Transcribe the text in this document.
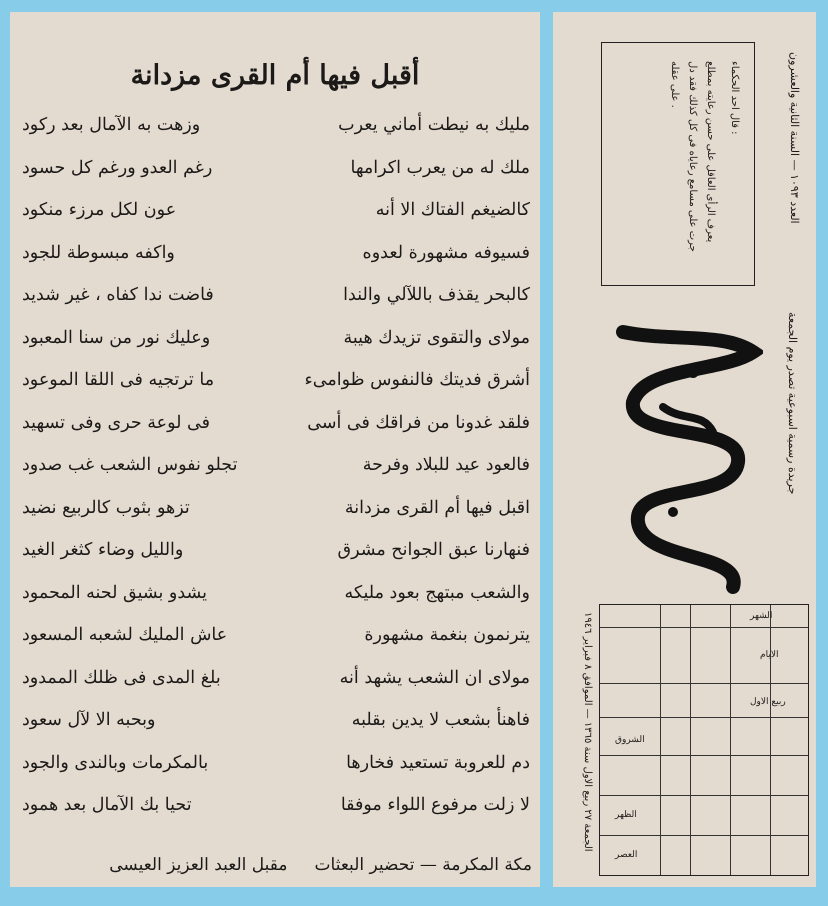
أقبل فيها أم القرى مزدانة
مليك به نيطت أماني يعرب
وزهت به الآمال بعد ركود
ملك له من يعرب اكرامها
رغم العدو ورغم كل حسود
كالضيغم الفتاك الا أنه
عون لكل مرزء منكود
فسيوفه مشهورة لعدوه
واكفه مبسوطة للجود
كالبحر يقذف باللآلي والندا
فاضت ندا كفاه ، غير شديد
مولاى والتقوى تزيدك هيبة
وعليك نور من سنا المعبود
أشرق فديتك فالنفوس ظوامىء
ما ترتجيه فى اللقا الموعود
فلقد غدونا من فراقك فى أسى
فى لوعة حرى وفى تسهيد
فالعود عيد للبلاد وفرحة
تجلو نفوس الشعب غب صدود
اقبل فيها أم القرى مزدانة
تزهو بثوب كالربيع نضيد
فنهارنا عبق الجوانح مشرق
والليل وضاء كثغر الغيد
والشعب مبتهج بعود مليكه
يشدو بشيق لحنه المحمود
يترنمون بنغمة مشهورة
عاش المليك لشعبه المسعود
مولاى ان الشعب يشهد أنه
بلغ المدى فى ظلك الممدود
فاهنأ بشعب لا يدين بقلبه
وبحبه الا لآل سعود
دم للعروبة تستعيد فخارها
بالمكرمات وبالندى والجود
لا زلت مرفوع اللواء موفقا
تحيا بك الآمال بعد همود
مكة المكرمة — تحضير البعثات     مقبل العبد العزيز العيسى
العدد ١٠٩٣ — السنة الثانية والعشرون
قال احد الحكماء :
يعرف الرأى العاقل على حسن رعايته بمطلع
جرت على مسامع رعاياه فى كل كذلك فقد دل
على عقله .
جريدة رسمية اسبوعية تصدر يوم الجمعة
الجمعة ٢٧ ربيع الاول سنة ١٣٦٥ — الموافق ٨ فبراير ١٩٤٦
الشهر
الايام
ربيع الاول
الشروق
الظهر
العصر
